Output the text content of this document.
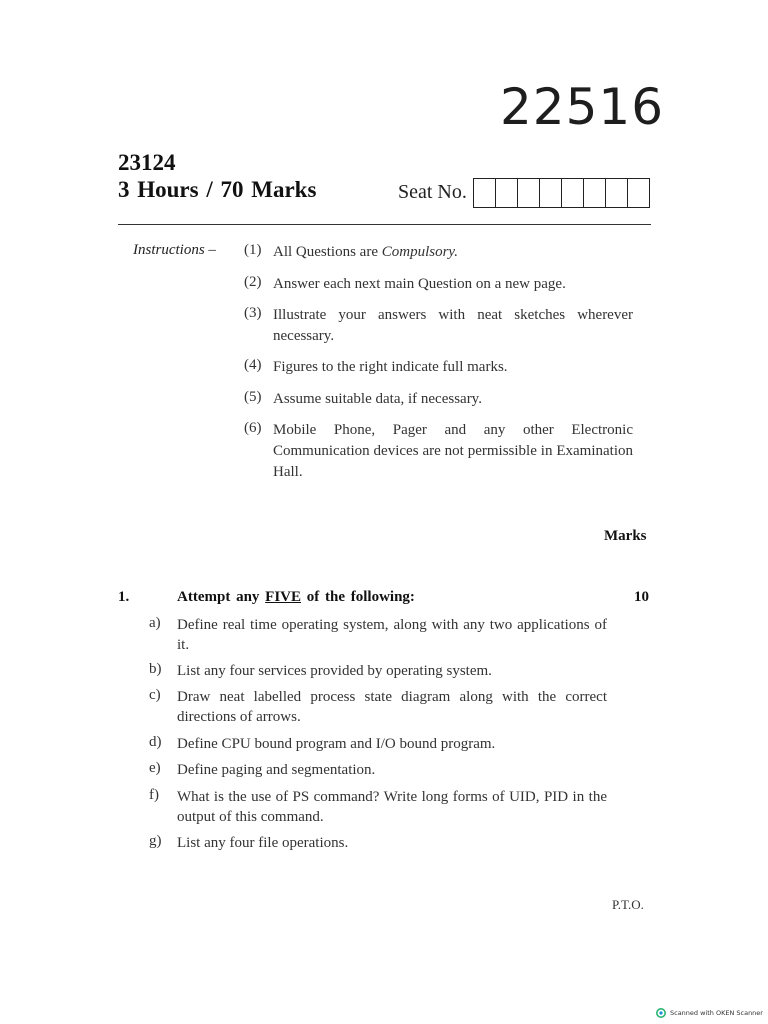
22516
23124
3 Hours / 70 Marks	Seat No.
Instructions – (1) All Questions are Compulsory.
(2) Answer each next main Question on a new page.
(3) Illustrate your answers with neat sketches wherever necessary.
(4) Figures to the right indicate full marks.
(5) Assume suitable data, if necessary.
(6) Mobile Phone, Pager and any other Electronic Communication devices are not permissible in Examination Hall.
Marks
1.	Attempt any FIVE of the following:	10
a) Define real time operating system, along with any two applications of it.
b) List any four services provided by operating system.
c) Draw neat labelled process state diagram along with the correct directions of arrows.
d) Define CPU bound program and I/O bound program.
e) Define paging and segmentation.
f) What is the use of PS command? Write long forms of UID, PID in the output of this command.
g) List any four file operations.
P.T.O.
Scanned with OKEN Scanner
